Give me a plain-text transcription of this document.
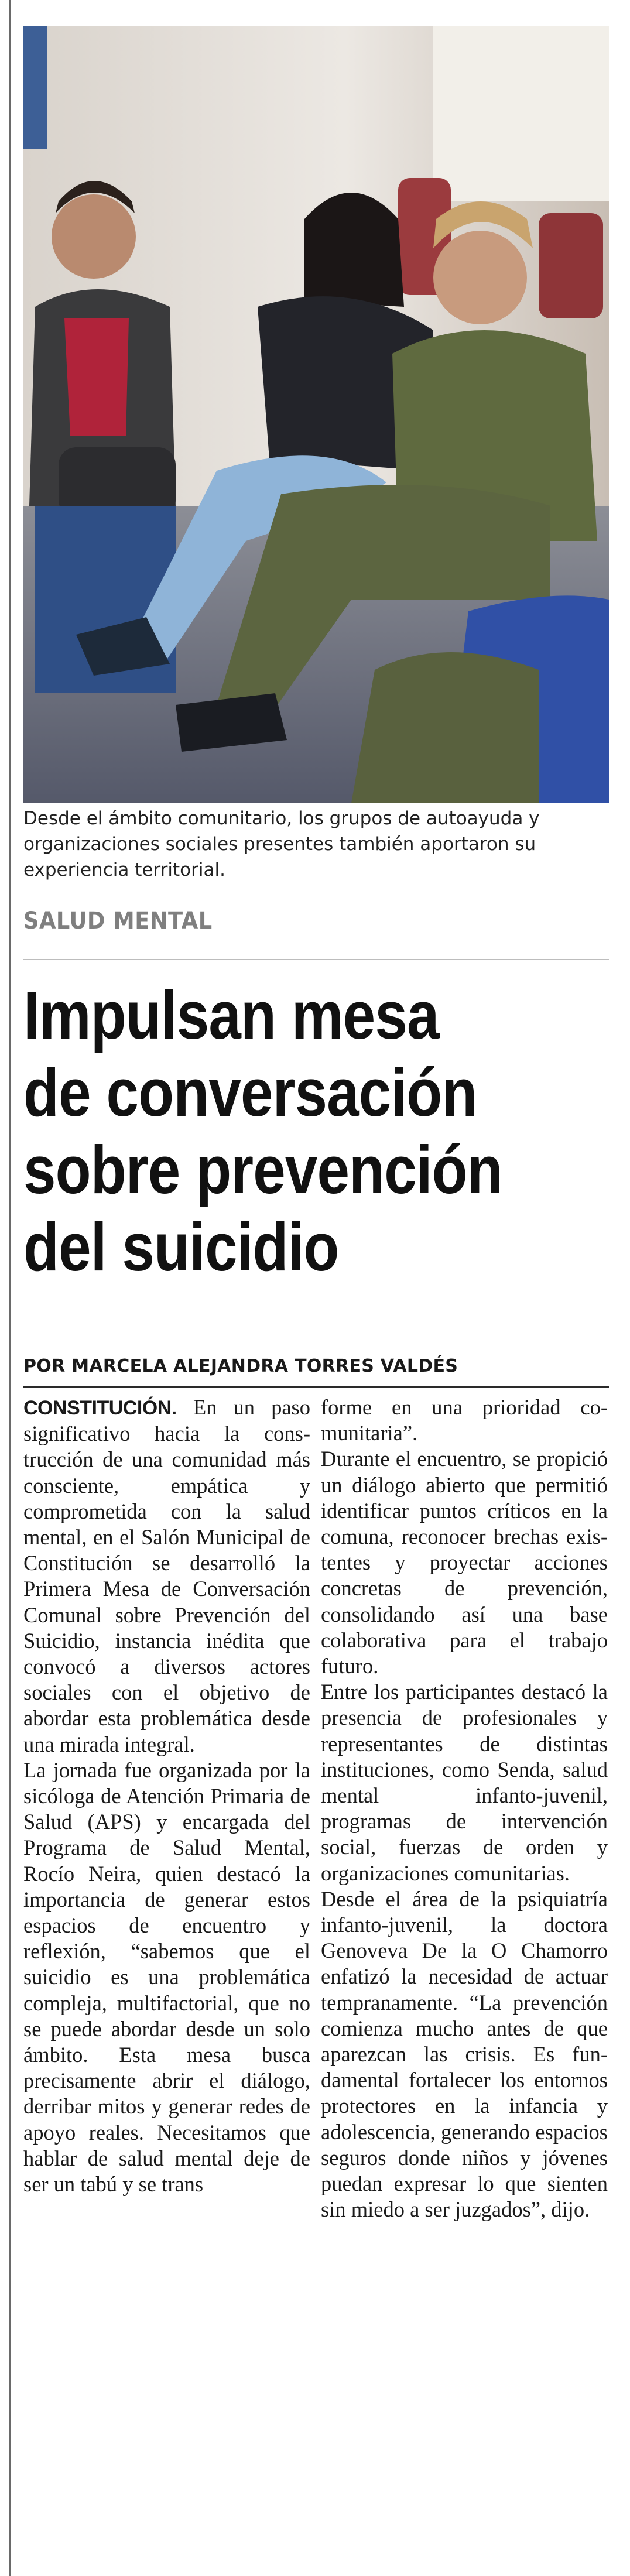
Desde el ámbito comunitario, los grupos de autoayuda y organizaciones sociales presentes también aportaron su experiencia territorial.
SALUD MENTAL
Impulsan mesa
de conversación
sobre prevención
del suicidio
POR MARCELA ALEJANDRA TORRES VALDÉS

CONSTITUCIÓN. En un paso significativo hacia la construcción de una comunidad más consciente, empática y comprometida con la salud mental, en el Salón Municipal de Constitución se desarrolló la Primera Mesa de Conversación Comunal sobre Prevención del Suicidio, instancia inédita que convocó a diversos actores sociales con el objetivo de abordar esta problemática desde una mirada integral.

La jornada fue organizada por la sicóloga de Atención Primaria de Salud (APS) y encargada del Programa de Salud Mental, Rocío Neira, quien destacó la importancia de generar estos espacios de encuentro y reflexión, “sabemos que el suicidio es una problemática compleja, multifactorial, que no se puede abordar desde un solo ámbito. Esta mesa busca precisamente abrir el diálogo, derribar mitos y generar redes de apoyo reales. Necesitamos que hablar de salud mental deje de ser un tabú y se trans

forme en una prioridad comunitaria”.

Durante el encuentro, se propició un diálogo abierto que permitió identificar puntos críticos en la comuna, reconocer brechas existentes y proyectar acciones concretas de prevención, consolidando así una base colaborativa para el trabajo futuro.

Entre los participantes destacó la presencia de profesionales y representantes de distintas instituciones, como Senda, salud mental infanto-juvenil, programas de intervención social, fuerzas de orden y organizaciones comunitarias.

Desde el área de la psiquiatría infanto-juvenil, la doctora Genoveva De la O Chamorro enfatizó la necesidad de actuar tempranamente. “La prevención comienza mucho antes de que aparezcan las crisis. Es fundamental fortalecer los entornos protectores en la infancia y adolescencia, generando espacios seguros donde niños y jóvenes puedan expresar lo que sienten sin miedo a ser juzgados”, dijo.
